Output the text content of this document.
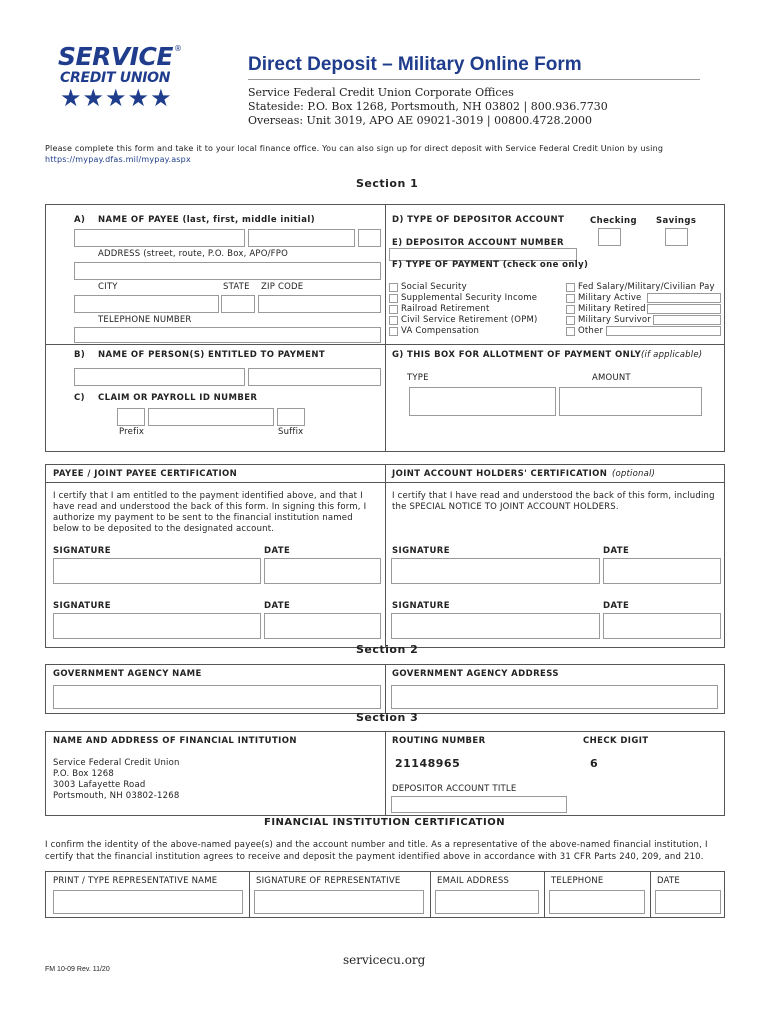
SERVICE ®
CREDIT UNION
★★★★★
Direct Deposit – Military Online Form
Service Federal Credit Union Corporate Offices
Stateside: P.O. Box 1268, Portsmouth, NH 03802 | 800.936.7730
Overseas: Unit 3019, APO AE 09021-3019 | 00800.4728.2000
Please complete this form and take it to your local finance office. You can also sign up for direct deposit with Service Federal Credit Union by using
https://mypay.dfas.mil/mypay.aspx
Section 1
A) NAME OF PAYEE (last, first, middle initial)
ADDRESS (street, route, P.O. Box, APO/FPO
CITY	STATE ZIP CODE
TELEPHONE NUMBER
B) NAME OF PERSON(S) ENTITLED TO PAYMENT
C) CLAIM OR PAYROLL ID NUMBER
Prefix	Suffix
D) TYPE OF DEPOSITOR ACCOUNT	Checking Savings
E) DEPOSITOR ACCOUNT NUMBER
F) TYPE OF PAYMENT (check one only)
Social Security
Supplemental Security Income
Railroad Retirement
Civil Service Retirement (OPM)
VA Compensation
Fed Salary/Military/Civilian Pay
Military Active
Military Retired
Military Survivor
Other
G) THIS BOX FOR ALLOTMENT OF PAYMENT ONLY (if applicable)
TYPE	AMOUNT
PAYEE / JOINT PAYEE CERTIFICATION
I certify that I am entitled to the payment identified above, and that I
have read and understood the back of this form. In signing this form, I
authorize my payment to be sent to the financial institution named
below to be deposited to the designated account.
JOINT ACCOUNT HOLDERS' CERTIFICATION (optional)
I certify that I have read and understood the back of this form, including
the SPECIAL NOTICE TO JOINT ACCOUNT HOLDERS.
SIGNATURE	DATE	SIGNATURE	DATE
SIGNATURE	DATE	SIGNATURE	DATE
Section 2
GOVERNMENT AGENCY NAME	GOVERNMENT AGENCY ADDRESS
Section 3
NAME AND ADDRESS OF FINANCIAL INTITUTION
Service Federal Credit Union
P.O. Box 1268
3003 Lafayette Road
Portsmouth, NH 03802-1268
ROUTING NUMBER
21148965
CHECK DIGIT
6
DEPOSITOR ACCOUNT TITLE
FINANCIAL INSTITUTION CERTIFICATION
I confirm the identity of the above-named payee(s) and the account number and title. As a representative of the above-named financial institution, I
certify that the financial institution agrees to receive and deposit the payment identified above in accordance with 31 CFR Parts 240, 209, and 210.
PRINT / TYPE REPRESENTATIVE NAME	SIGNATURE OF REPRESENTATIVE	EMAIL ADDRESS	TELEPHONE	DATE
servicecu.org
FM 10-09 Rev. 11/20
